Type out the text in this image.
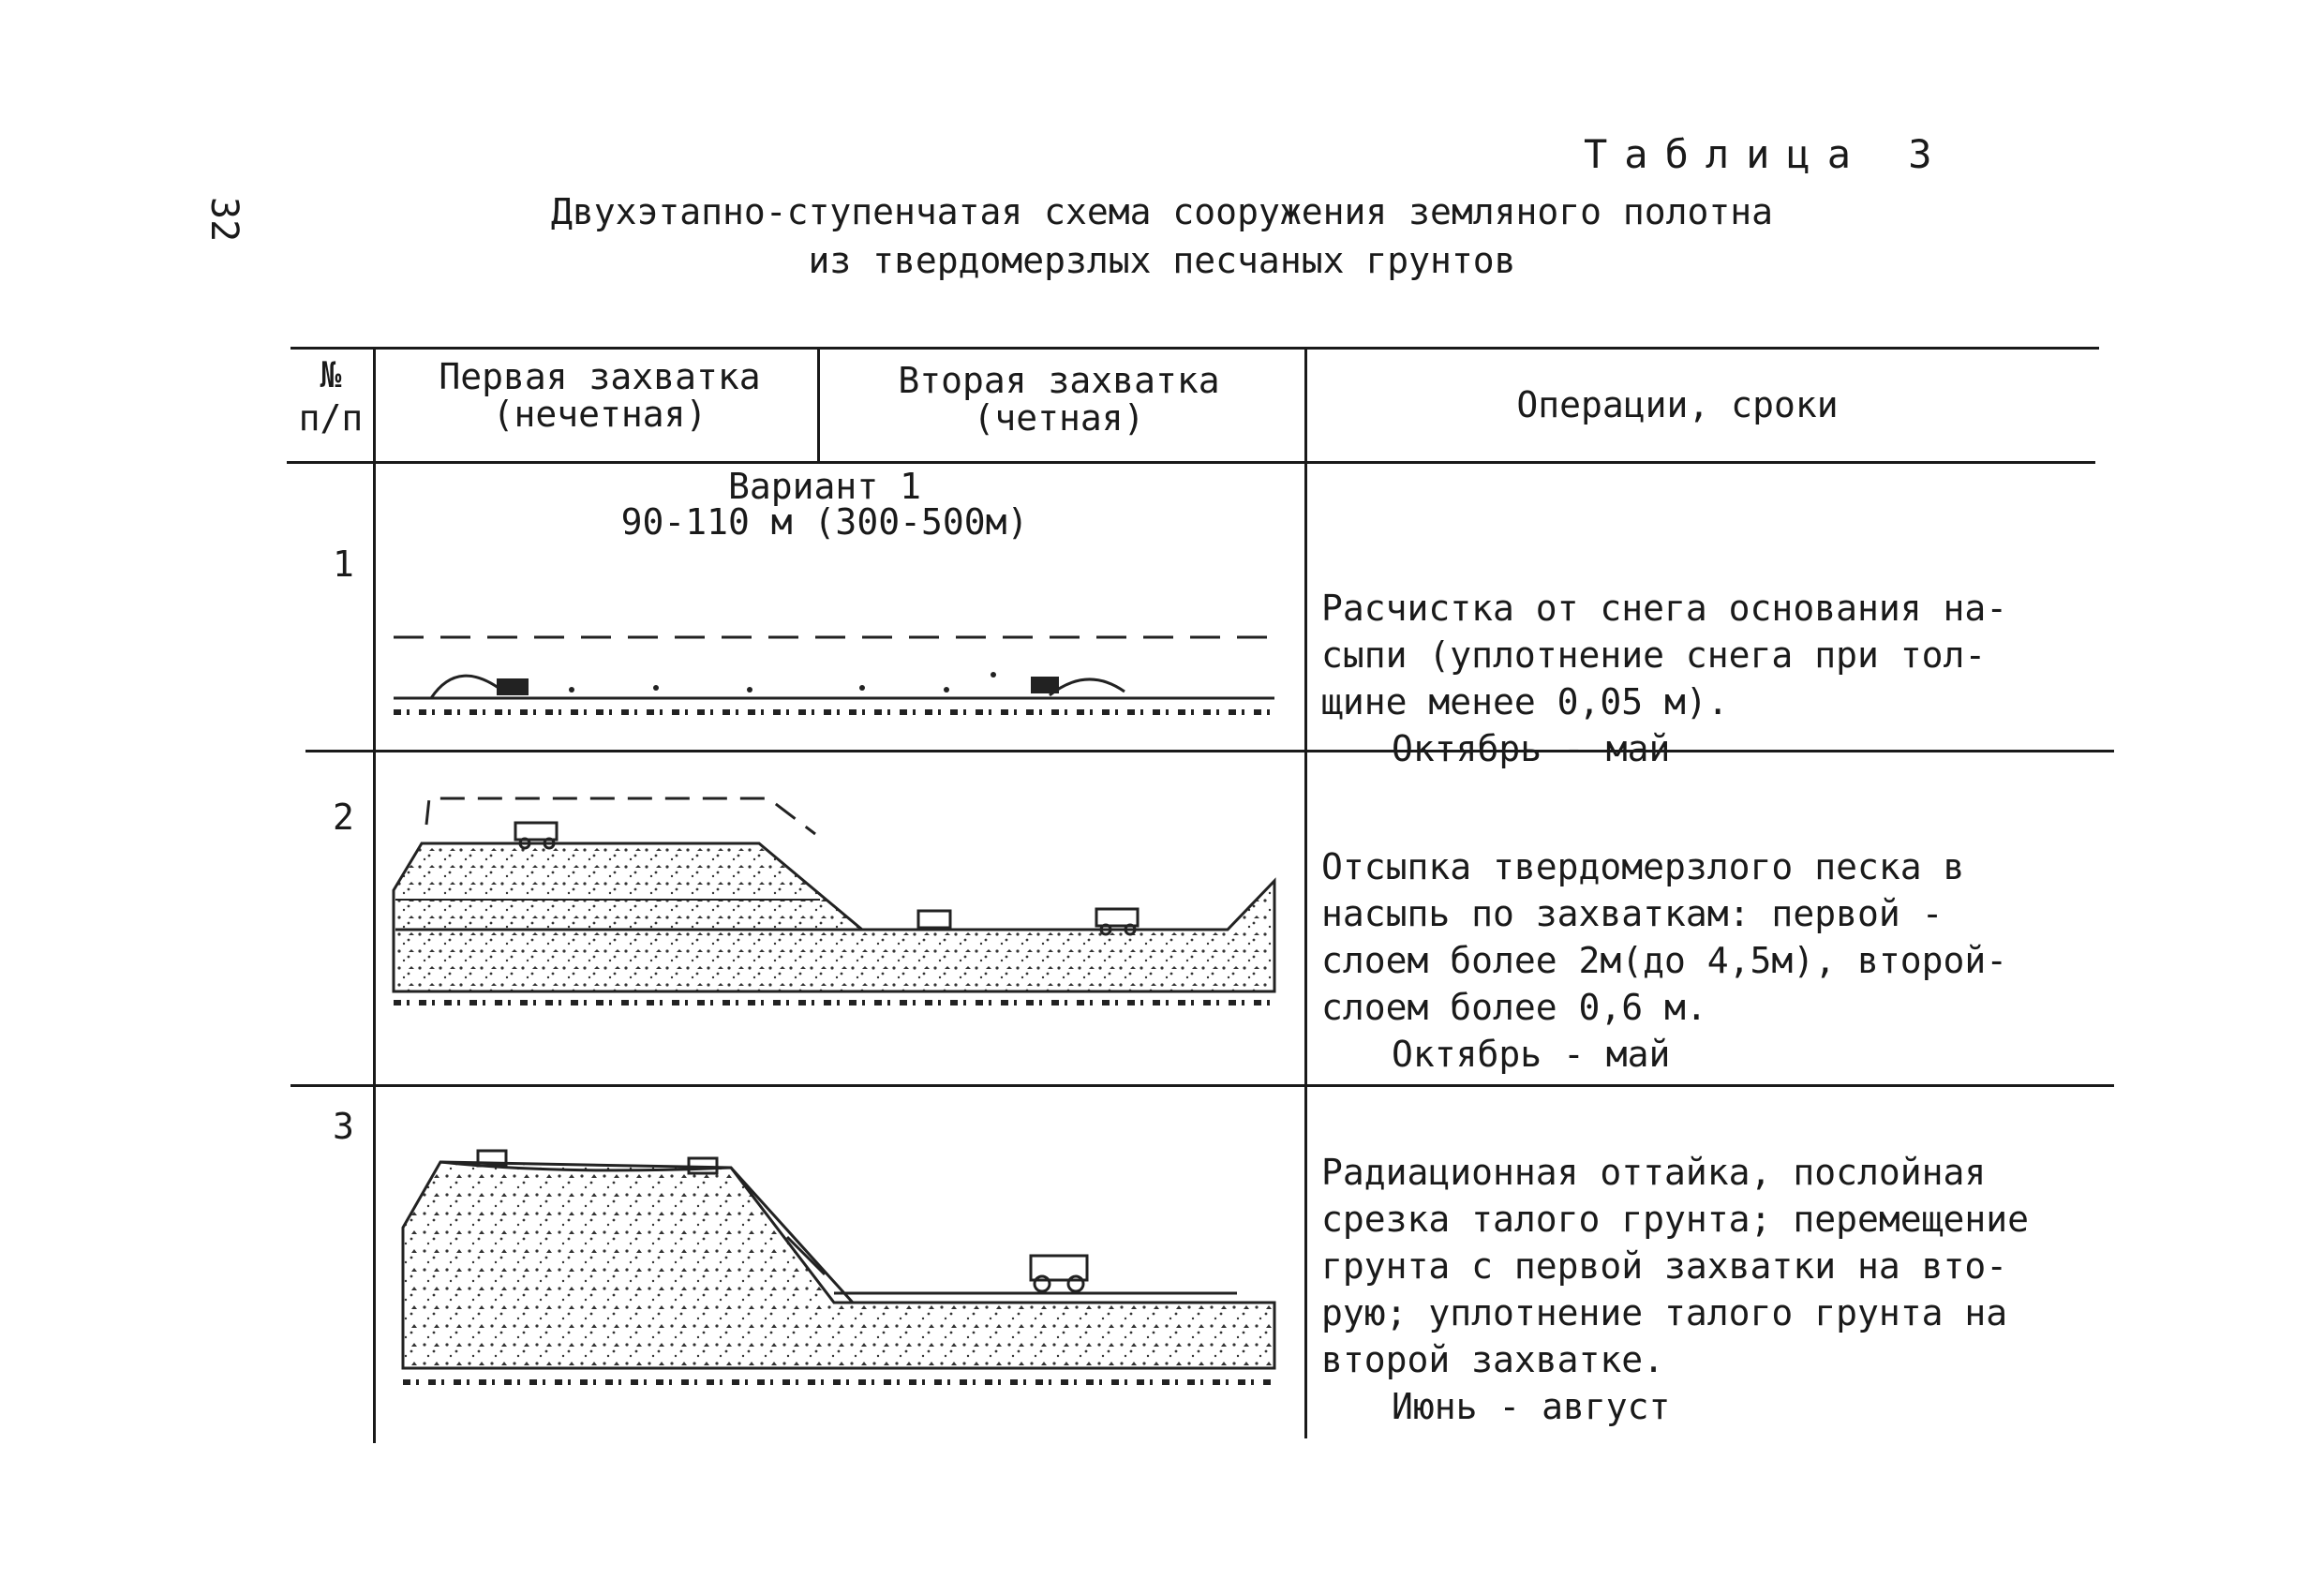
32
Таблица 3
Двухэтапно-ступенчатая схема сооружения земляного полотна
из твердомерзлых песчаных грунтов
№
п/п
Первая захватка
(нечетная)
Вторая захватка
(четная)	Операции, сроки
1
2
3
Вариант 1
90-110 м (300-500м)

Расчистка от снега основания на-
сыпи (уплотнение снега при тол-
щине менее 0,05 м).

Октябрь - май

Отсыпка твердомерзлого песка в
насыпь по захваткам: первой -
слоем более 2м(до 4,5м), второй-
слоем более 0,6 м.

Октябрь - май

Радиационная оттайка, послойная
срезка талого грунта; перемещение
грунта с первой захватки на вто-
рую; уплотнение талого грунта на
второй захватке.

Июнь - август
